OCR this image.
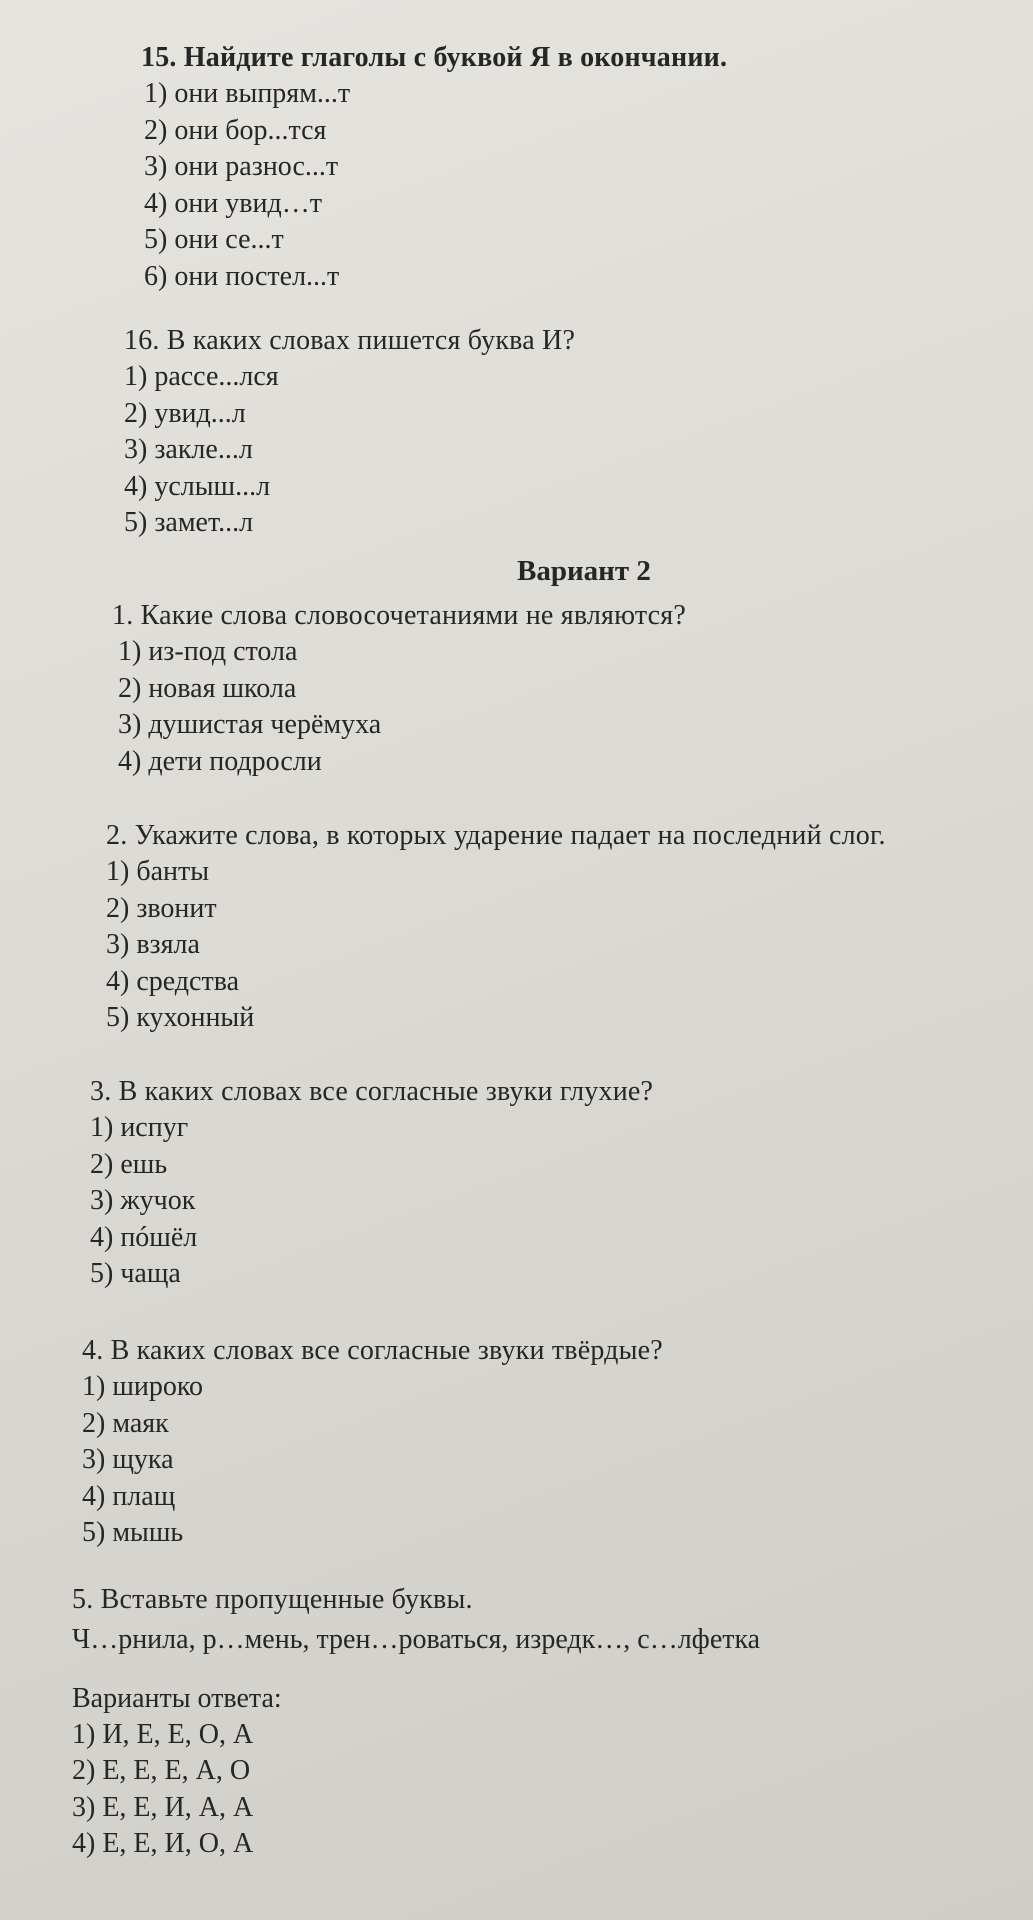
15. Найдите глаголы с буквой Я в окончании.
1) они выпрям...т
2) они бор...тся
3) они разнос...т
4) они увид…т
5) они се...т
6) они постел...т
16. В каких словах пишется буква И?
1) рассе...лся
2) увид...л
3) закле...л
4) услыш...л
5) замет...л
Вариант 2
1. Какие слова словосочетаниями не являются?
1) из-под стола
2) новая школа
3) душистая черёмуха
4) дети подросли
2. Укажите слова, в которых ударение падает на последний слог.
1) банты
2) звонит
3) взяла
4) средства
5) кухонный
3. В каких словах все согласные звуки глухие?
1) испуг
2) ешь
3) жучок
4) пóшёл
5) чаща
4. В каких словах все согласные звуки твёрдые?
1) широко
2) маяк
3) щука
4) плащ
5) мышь
5. Вставьте пропущенные буквы.
Ч…рнила, р…мень, трен…роваться, изредк…, с…лфетка
Варианты ответа:
1) И, Е, Е, О, А
2) Е, Е, Е, А, О
3) Е, Е, И, А, А
4) Е, Е, И, О, А
